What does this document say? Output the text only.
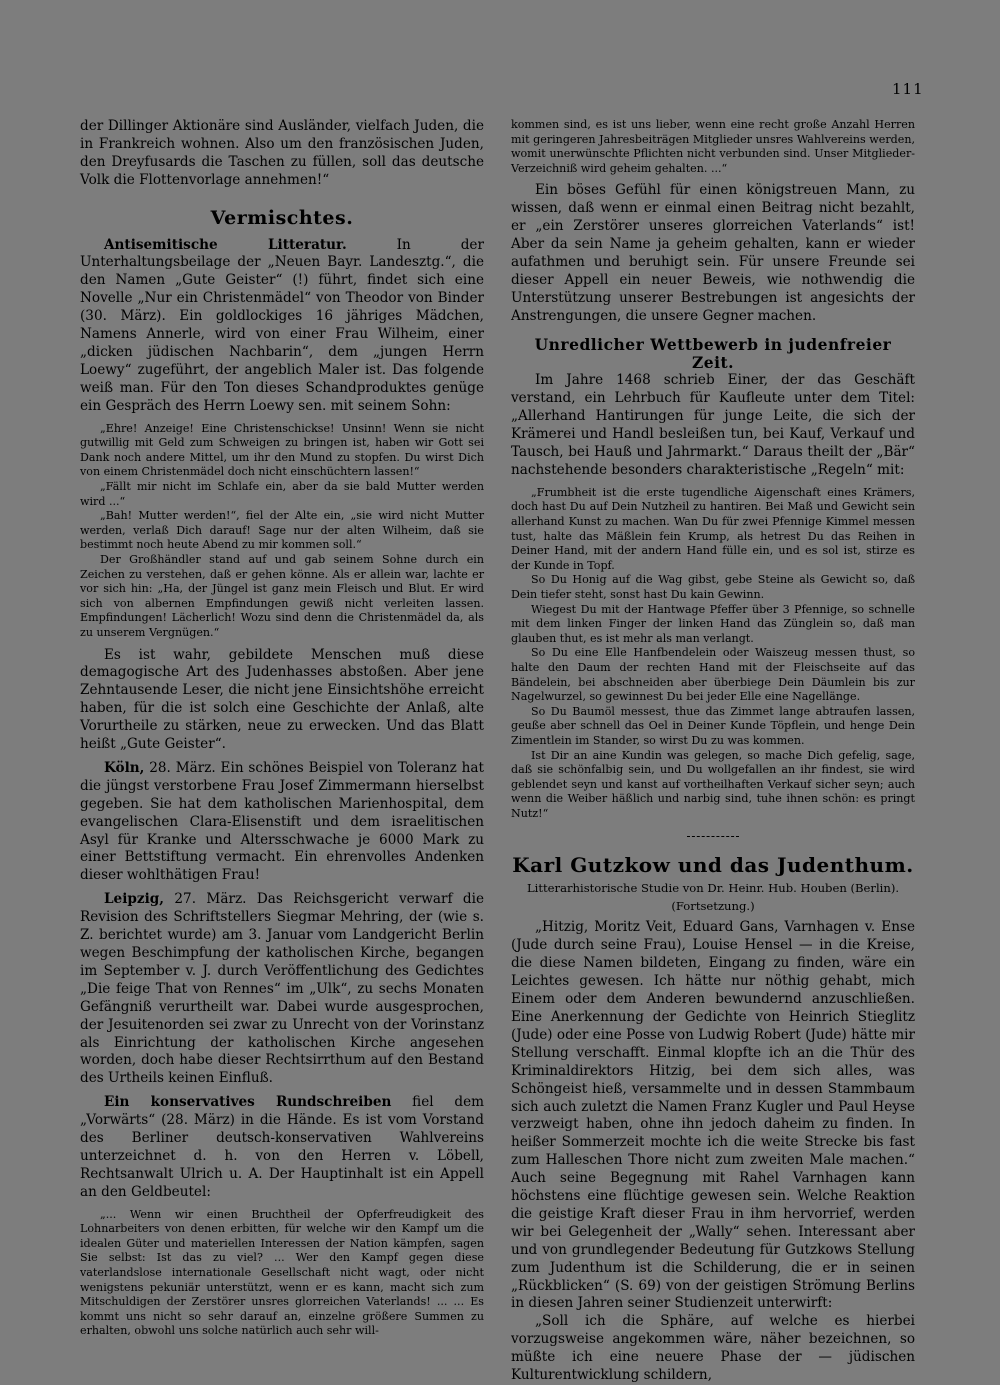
111

der Dillinger Aktionäre sind Ausländer, vielfach Juden, die in Frankreich wohnen. Also um den französischen Juden, den Dreyfusards die Taschen zu füllen, soll das deutsche Volk die Flottenvorlage annehmen!“

Vermischtes.

Antisemitische Litteratur.	In der Unterhaltungsbeilage der „Neuen Bayr. Landesztg.“, die den Namen „Gute Geister“ (!) führt, findet sich eine Novelle „Nur ein Christenmädel“ von Theodor von Binder (30. März). Ein goldlockiges 16 jähriges Mädchen, Namens Annerle, wird von einer Frau Wilheim, einer „dicken jüdischen Nachbarin“, dem „jungen Herrn Loewy“ zugeführt, der angeblich Maler ist. Das folgende weiß man. Für den Ton dieses Schandproduktes genüge ein Gespräch des Herrn Loewy sen. mit seinem Sohn:

„Ehre! Anzeige! Eine Christenschickse! Unsinn! Wenn sie nicht gutwillig mit Geld zum Schweigen zu bringen ist, haben wir Gott sei Dank noch andere Mittel, um ihr den Mund zu stopfen. Du wirst Dich von einem Christenmädel doch nicht einschüchtern lassen!“

„Fällt mir nicht im Schlafe ein, aber da sie bald Mutter werden wird ...“

„Bah! Mutter werden!“, fiel der Alte ein, „sie wird nicht Mutter werden, verlaß Dich darauf! Sage nur der alten Wilheim, daß sie bestimmt noch heute Abend zu mir kommen soll.“

Der Großhändler stand auf und gab seinem Sohne durch ein Zeichen zu verstehen, daß er gehen könne. Als er allein war, lachte er vor sich hin: „Ha, der Jüngel ist ganz mein Fleisch und Blut. Er wird sich von albernen Empfindungen gewiß nicht verleiten lassen. Empfindungen! Lächerlich! Wozu sind denn die Christenmädel da, als zu unserem Vergnügen.“

Es ist wahr, gebildete Menschen muß diese demagogische Art des Judenhasses abstoßen. Aber jene Zehntausende Leser, die nicht jene Einsichtshöhe erreicht haben, für die ist solch eine Geschichte der Anlaß, alte Vorurtheile zu stärken, neue zu erwecken. Und das Blatt heißt „Gute Geister“.

Köln, 28. März. Ein schönes Beispiel von Toleranz hat die jüngst verstorbene Frau Josef Zimmermann hierselbst gegeben. Sie hat dem katholischen Marienhospital, dem evangelischen Clara-Elisenstift und dem israelitischen Asyl für Kranke und Altersschwache je 6000 Mark zu einer Bettstiftung vermacht. Ein ehrenvolles Andenken dieser wohlthätigen Frau!

Leipzig, 27. März. Das Reichsgericht verwarf die Revision des Schriftstellers Siegmar Mehring, der (wie s. Z. berichtet wurde) am 3. Januar vom Landgericht Berlin wegen Beschimpfung der katholischen Kirche, begangen im September v. J. durch Veröffentlichung des Gedichtes „Die feige That von Rennes“ im „Ulk“, zu sechs Monaten Gefängniß verurtheilt war. Dabei wurde ausgesprochen, der Jesuitenorden sei zwar zu Unrecht von der Vorinstanz als Einrichtung der katholischen Kirche angesehen worden, doch habe dieser Rechtsirrthum auf den Bestand des Urtheils keinen Einfluß.

Ein konservatives Rundschreiben fiel dem „Vorwärts“ (28. März) in die Hände. Es ist vom Vorstand des Berliner deutsch-konservativen Wahlvereins unterzeichnet d. h. von den Herren v. Löbell, Rechtsanwalt Ulrich u. A. Der Hauptinhalt ist ein Appell an den Geldbeutel:

„... Wenn wir einen Bruchtheil der Opferfreudigkeit des Lohnarbeiters von denen erbitten, für welche wir den Kampf um die idealen Güter und materiellen Interessen der Nation kämpfen, sagen Sie selbst: Ist das zu viel? ... Wer den Kampf gegen diese vaterlandslose internationale Gesellschaft nicht wagt, oder nicht wenigstens pekuniär unterstützt, wenn er es kann, macht sich zum Mitschuldigen der Zerstörer unsres glorreichen Vaterlands! ... ... Es kommt uns nicht so sehr darauf an, einzelne größere Summen zu erhalten, obwohl uns solche natürlich auch sehr will-

kommen sind, es ist uns lieber, wenn eine recht große Anzahl Herren mit geringeren Jahresbeiträgen Mitglieder unsres Wahlvereins werden, womit unerwünschte Pflichten nicht verbunden sind. Unser Mitglieder-Verzeichniß wird geheim gehalten. ...“

Ein böses Gefühl für einen königstreuen Mann, zu wissen, daß wenn er einmal einen Beitrag nicht bezahlt, er „ein Zerstörer unseres glorreichen Vaterlands“ ist! Aber da sein Name ja geheim gehalten, kann er wieder aufathmen und beruhigt sein. Für unsere Freunde sei dieser Appell ein neuer Beweis, wie nothwendig die Unterstützung unserer Bestrebungen ist angesichts der Anstrengungen, die unsere Gegner machen.

Unredlicher Wettbewerb in judenfreier Zeit.

Im Jahre 1468 schrieb Einer, der das Geschäft verstand, ein Lehrbuch für Kaufleute unter dem Titel: „Allerhand Hantirungen für junge Leite, die sich der Krämerei und Handl besleißen tun, bei Kauf, Verkauf und Tausch, bei Hauß und Jahrmarkt.“ Daraus theilt der „Bär“ nachstehende besonders charakteristische „Regeln“ mit:

„Frumbheit ist die erste tugendliche Aigenschaft eines Krämers, doch hast Du auf Dein Nutzheil zu hantiren. Bei Maß und Gewicht sein allerhand Kunst zu machen. Wan Du für zwei Pfennige Kimmel messen tust, halte das Mäßlein fein Krump, als hetrest Du das Reihen in Deiner Hand, mit der andern Hand fülle ein, und es sol ist, stirze es der Kunde in Topf.

So Du Honig auf die Wag gibst, gebe Steine als Gewicht so, daß Dein tiefer steht, sonst hast Du kain Gewinn.

Wiegest Du mit der Hantwage Pfeffer über 3 Pfennige, so schnelle mit dem linken Finger der linken Hand das Zünglein so, daß man glauben thut, es ist mehr als man verlangt.

So Du eine Elle Hanfbendelein oder Waiszeug messen thust, so halte den Daum der rechten Hand mit der Fleischseite auf das Bändelein, bei abschneiden aber überbiege Dein Däumlein bis zur Nagelwurzel, so gewinnest Du bei jeder Elle eine Nagellänge.

So Du Baumöl messest, thue das Zimmet lange abtraufen lassen, geuße aber schnell das Oel in Deiner Kunde Töpflein, und henge Dein Zimentlein im Stander, so wirst Du zu was kommen.

Ist Dir an aine Kundin was gelegen, so mache Dich gefelig, sage, daß sie schönfalbig sein, und Du wollgefallen an ihr findest, sie wird geblendet seyn und kanst auf vortheilhaften Verkauf sicher seyn; auch wenn die Weiber häßlich und narbig sind, tuhe ihnen schön: es pringt Nutz!“

Karl Gutzkow und das Judenthum.
Litterarhistorische Studie von Dr. Heinr. Hub. Houben (Berlin).
(Fortsetzung.)

„Hitzig, Moritz Veit, Eduard Gans, Varnhagen v. Ense (Jude durch seine Frau), Louise Hensel — in die Kreise, die diese Namen bildeten, Eingang zu finden, wäre ein Leichtes gewesen. Ich hätte nur nöthig gehabt, mich Einem oder dem Anderen bewundernd anzuschließen. Eine Anerkennung der Gedichte von Heinrich Stieglitz (Jude) oder eine Posse von Ludwig Robert (Jude) hätte mir Stellung verschafft. Einmal klopfte ich an die Thür des Kriminaldirektors Hitzig, bei dem sich alles, was Schöngeist hieß, versammelte und in dessen Stammbaum sich auch zuletzt die Namen Franz Kugler und Paul Heyse verzweigt haben, ohne ihn jedoch daheim zu finden. In heißer Sommerzeit mochte ich die weite Strecke bis fast zum Halleschen Thore nicht zum zweiten Male machen.“ Auch seine Begegnung mit Rahel Varnhagen kann höchstens eine flüchtige gewesen sein. Welche Reaktion die geistige Kraft dieser Frau in ihm hervorrief, werden wir bei Gelegenheit der „Wally“ sehen. Interessant aber und von grundlegender Bedeutung für Gutzkows Stellung zum Judenthum ist die Schilderung, die er in seinen „Rückblicken“ (S. 69) von der geistigen Strömung Berlins in diesen Jahren seiner Studienzeit unterwirft:

„Soll ich die Sphäre, auf welche es hierbei vorzugsweise angekommen wäre, näher bezeichnen, so müßte ich eine neuere Phase der — jüdischen Kulturentwicklung schildern,
